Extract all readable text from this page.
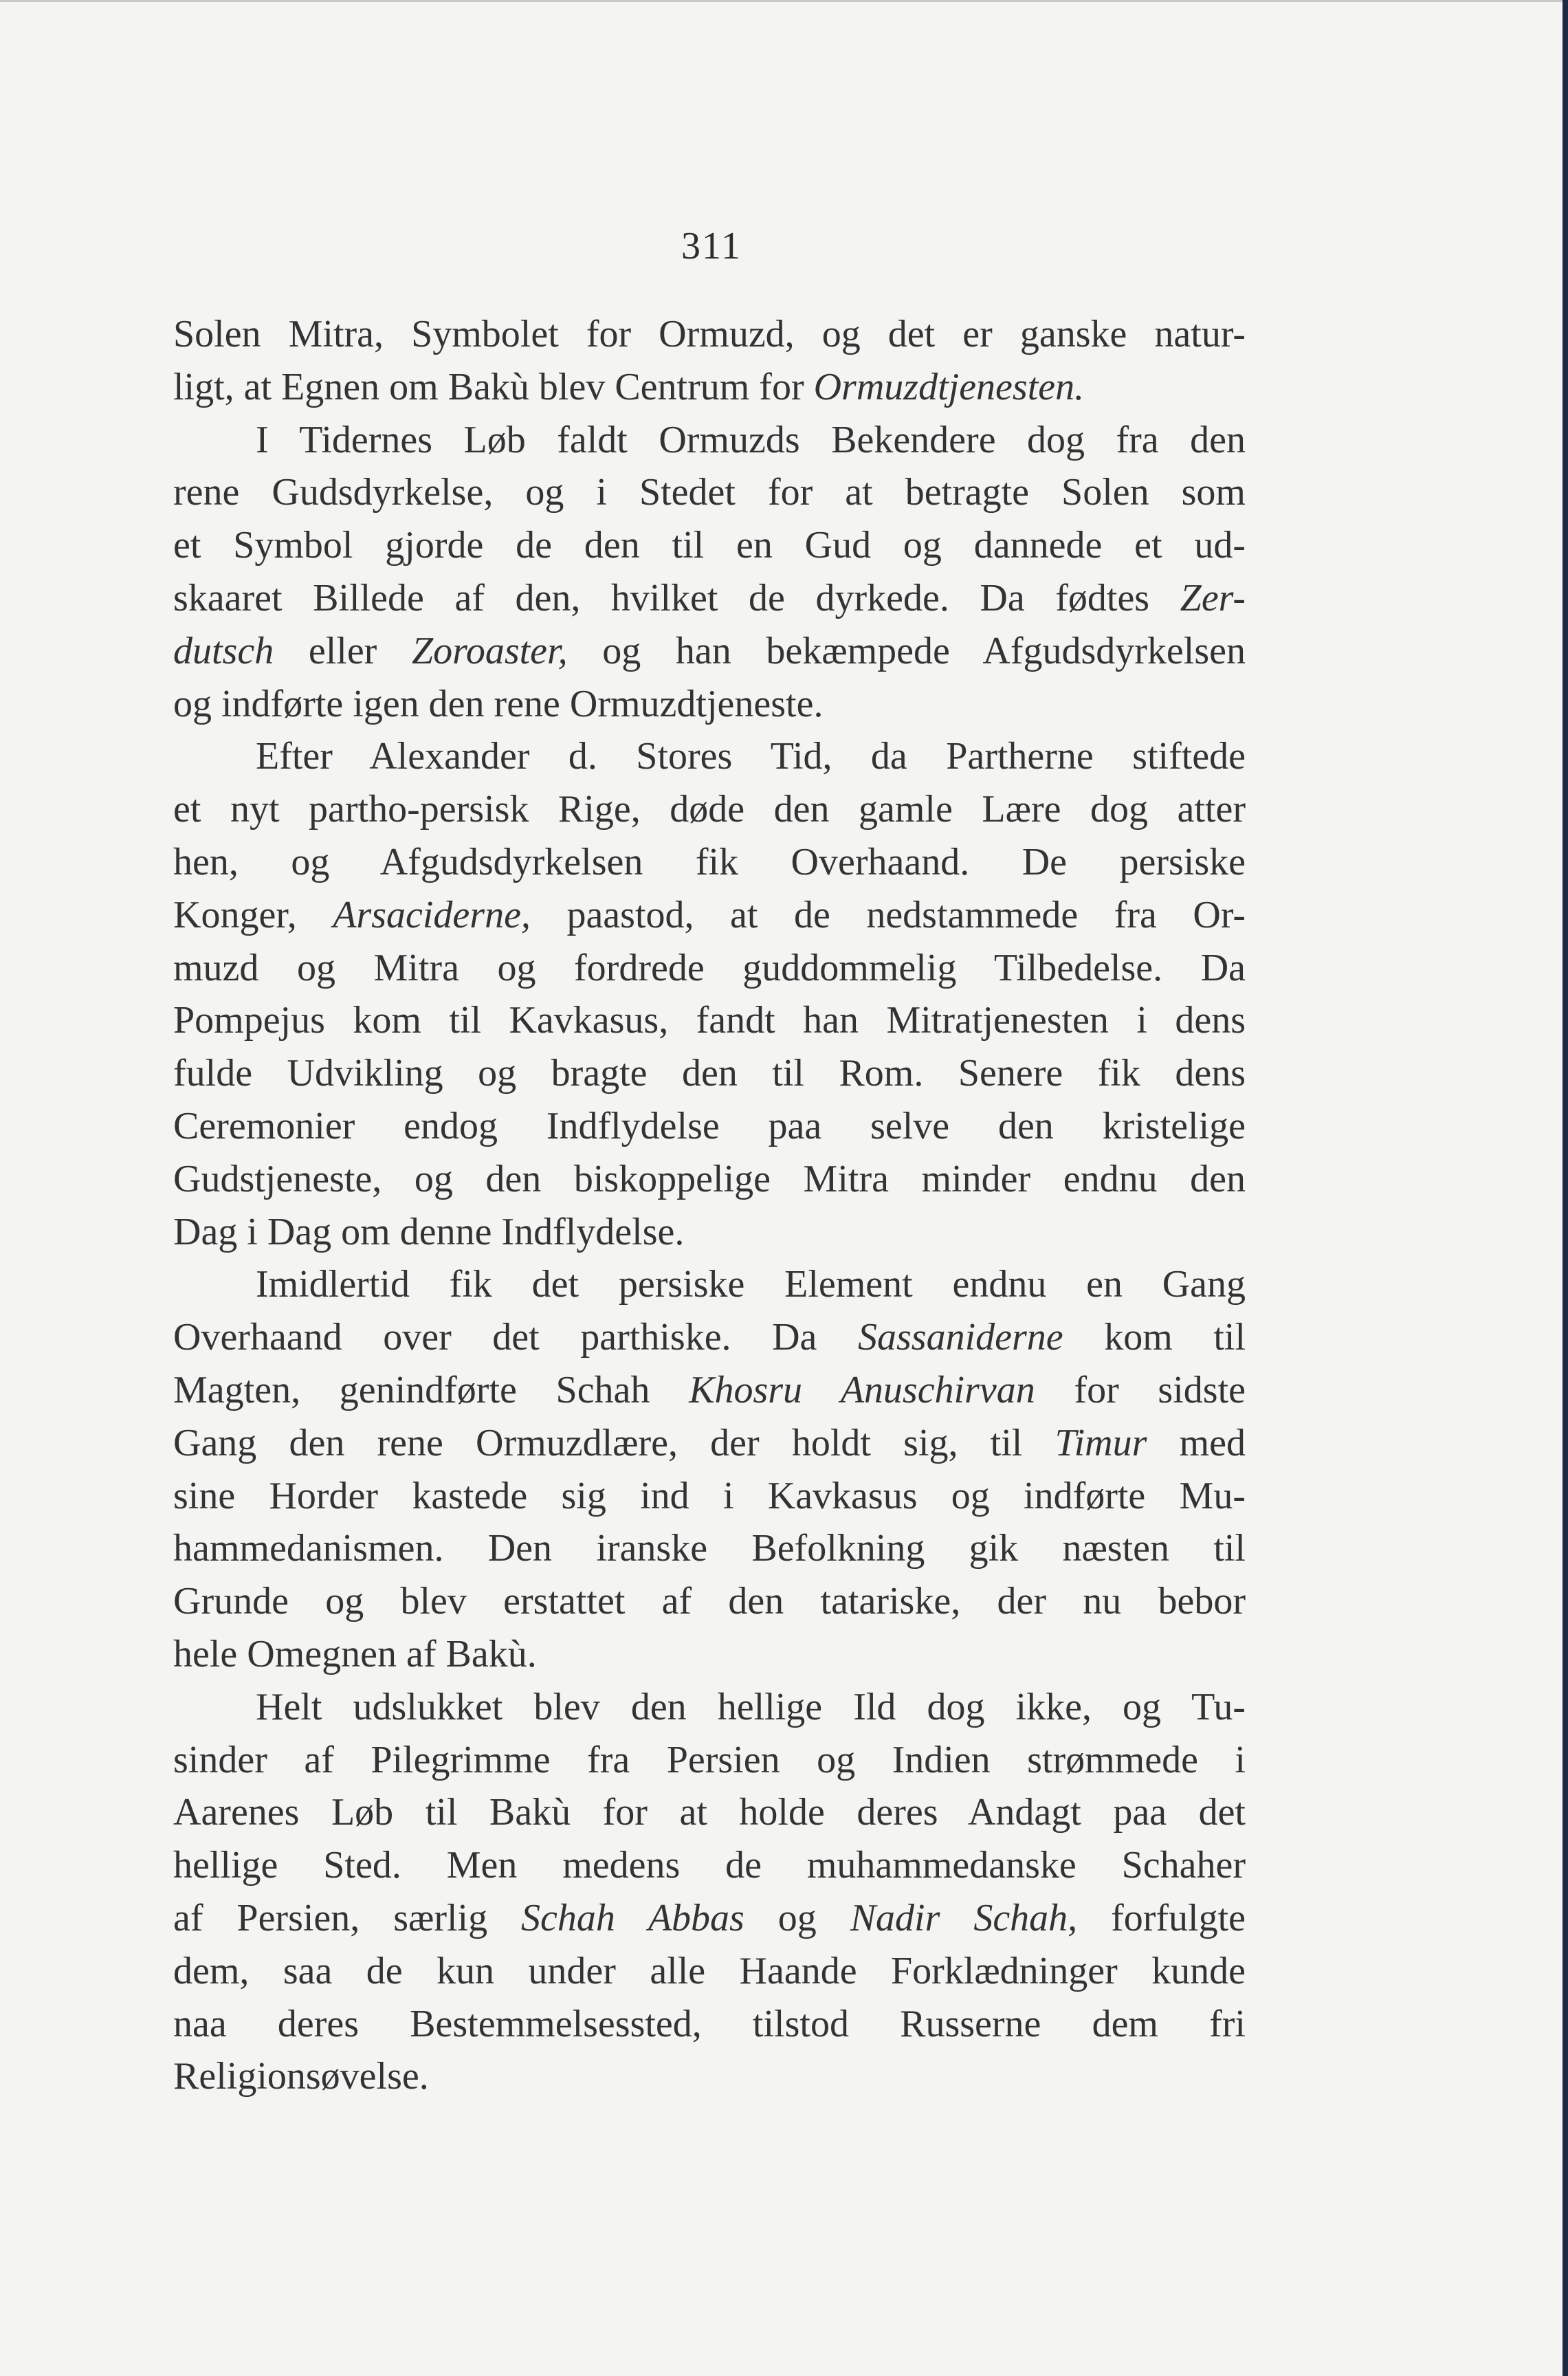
311
Solen Mitra, Symbolet for Ormuzd, og det er ganske natur-
ligt, at Egnen om Bakù blev Centrum for Ormuzdtjenesten.
I Tidernes Løb faldt Ormuzds Bekendere dog fra den
rene Gudsdyrkelse, og i Stedet for at betragte Solen som
et Symbol gjorde de den til en Gud og dannede et ud-
skaaret Billede af den, hvilket de dyrkede. Da fødtes Zer-
dutsch eller Zoroaster, og han bekæmpede Afgudsdyrkelsen
og indførte igen den rene Ormuzdtjeneste.
Efter Alexander d. Stores Tid, da Partherne stiftede
et nyt partho-persisk Rige, døde den gamle Lære dog atter
hen, og Afgudsdyrkelsen fik Overhaand. De persiske
Konger, Arsaciderne, paastod, at de nedstammede fra Or-
muzd og Mitra og fordrede guddommelig Tilbedelse. Da
Pompejus kom til Kavkasus, fandt han Mitratjenesten i dens
fulde Udvikling og bragte den til Rom. Senere fik dens
Ceremonier endog Indflydelse paa selve den kristelige
Gudstjeneste, og den biskoppelige Mitra minder endnu den
Dag i Dag om denne Indflydelse.
Imidlertid fik det persiske Element endnu en Gang
Overhaand over det parthiske. Da Sassaniderne kom til
Magten, genindførte Schah Khosru Anuschirvan for sidste
Gang den rene Ormuzdlære, der holdt sig, til Timur med
sine Horder kastede sig ind i Kavkasus og indførte Mu-
hammedanismen. Den iranske Befolkning gik næsten til
Grunde og blev erstattet af den tatariske, der nu bebor
hele Omegnen af Bakù.
Helt udslukket blev den hellige Ild dog ikke, og Tu-
sinder af Pilegrimme fra Persien og Indien strømmede i
Aarenes Løb til Bakù for at holde deres Andagt paa det
hellige Sted. Men medens de muhammedanske Schaher
af Persien, særlig Schah Abbas og Nadir Schah, forfulgte
dem, saa de kun under alle Haande Forklædninger kunde
naa deres Bestemmelsessted, tilstod Russerne dem fri
Religionsøvelse.
